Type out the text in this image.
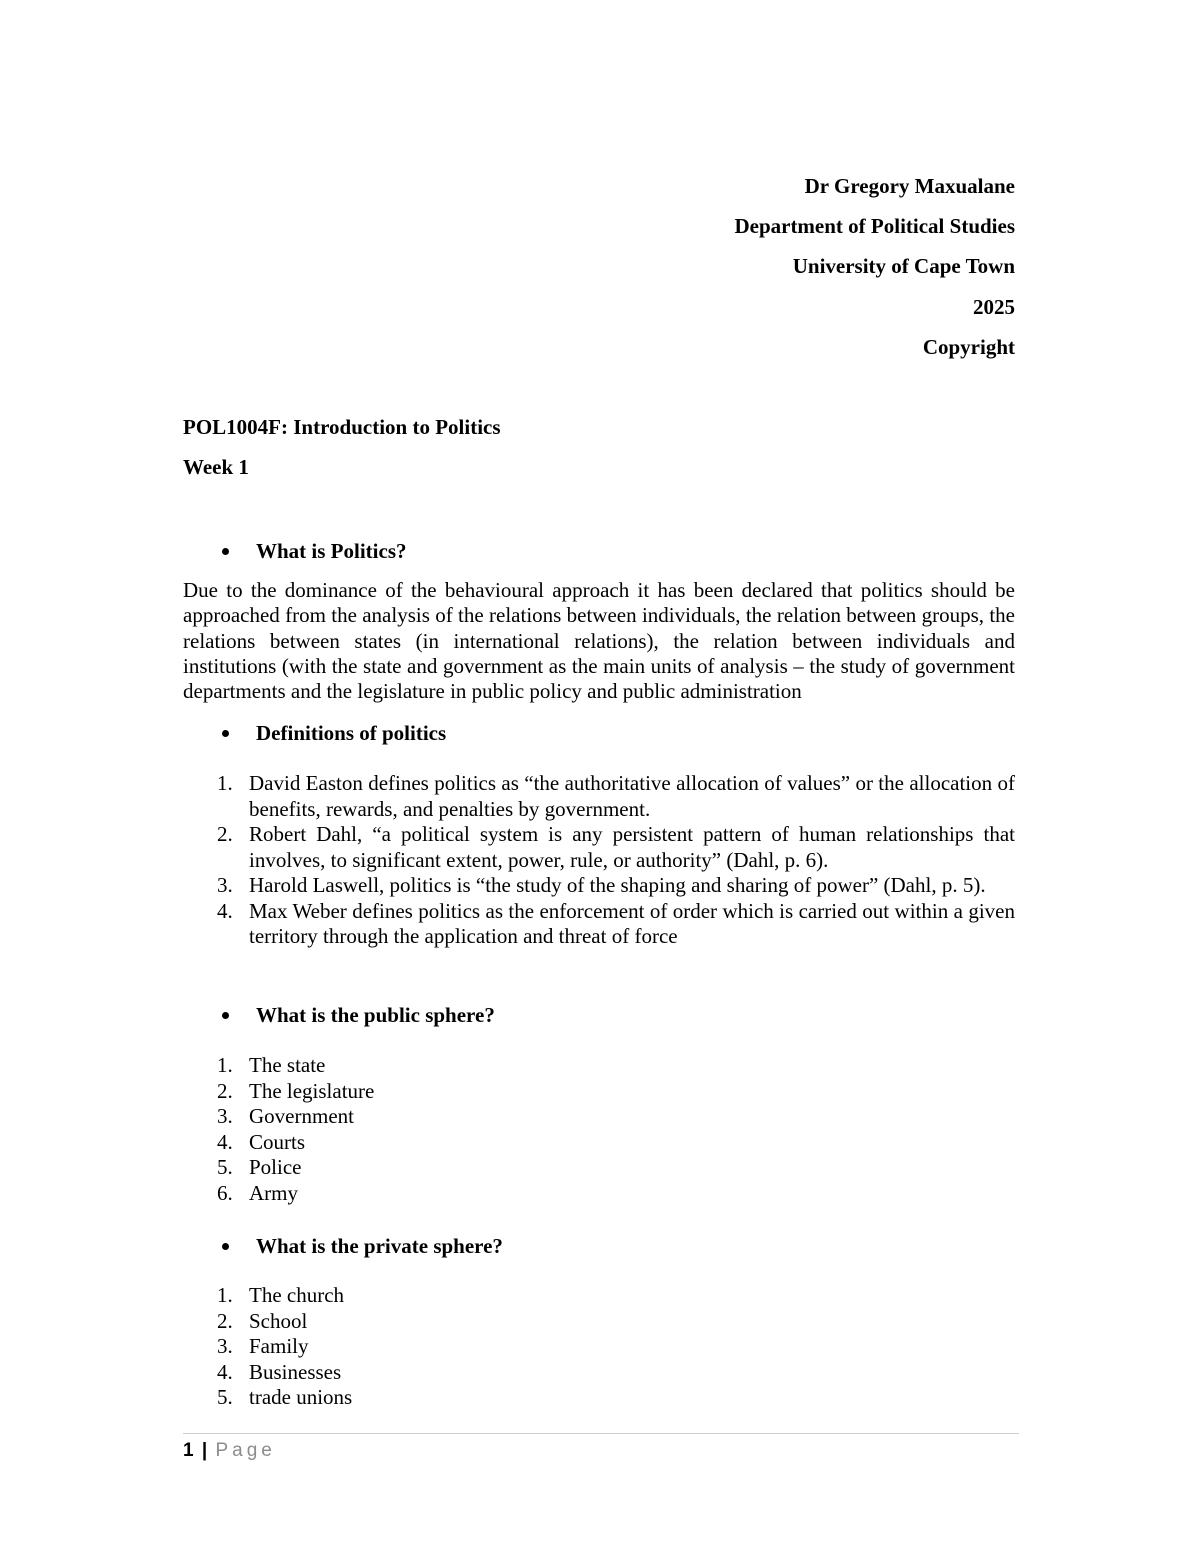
Dr Gregory Maxualane
Department of Political Studies
University of Cape Town
2025
Copyright
POL1004F: Introduction to Politics
Week 1
What is Politics?
Due to the dominance of the behavioural approach it has been declared that politics should be approached from the analysis of the relations between individuals, the relation between groups, the relations between states (in international relations), the relation between individuals and institutions (with the state and government as the main units of analysis – the study of government departments and the legislature in public policy and public administration
Definitions of politics
1. David Easton defines politics as “the authoritative allocation of values” or the allocation of benefits, rewards, and penalties by government.
2. Robert Dahl, “a political system is any persistent pattern of human relationships that involves, to significant extent, power, rule, or authority” (Dahl, p. 6).
3. Harold Laswell, politics is “the study of the shaping and sharing of power” (Dahl, p. 5).
4. Max Weber defines politics as the enforcement of order which is carried out within a given territory through the application and threat of force
What is the public sphere?
1. The state
2. The legislature
3. Government
4. Courts
5. Police
6. Army
What is the private sphere?
1. The church
2. School
3. Family
4. Businesses
5. trade unions
1 | Page
